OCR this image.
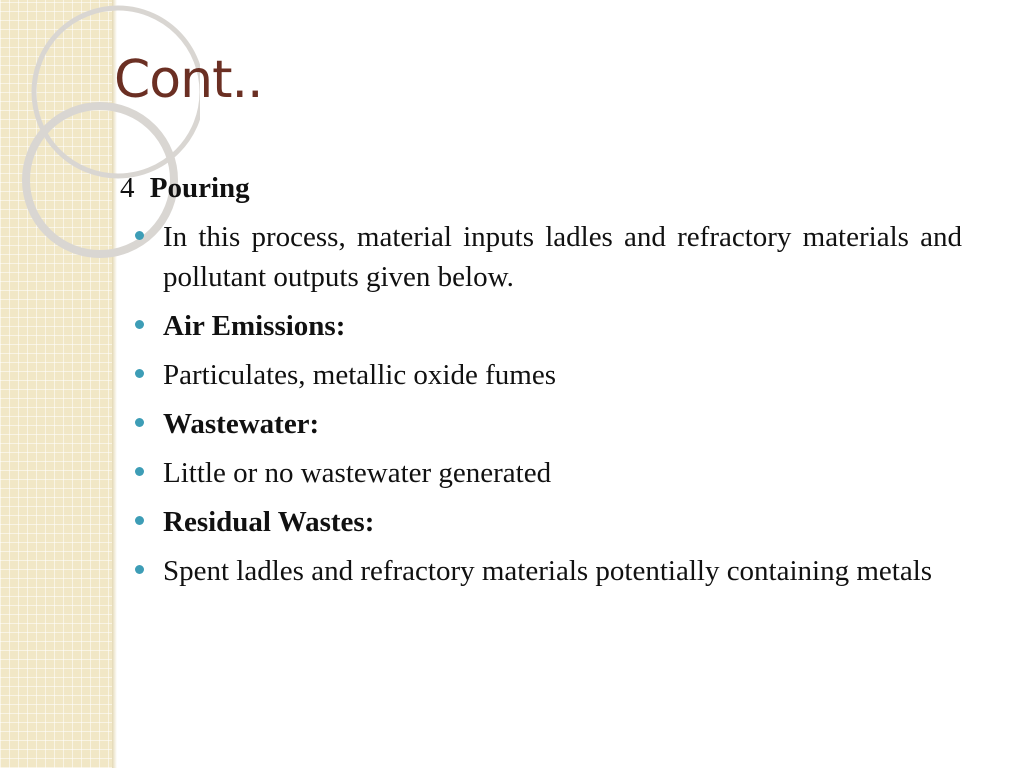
Cont..

4 Pouring

In this process, material inputs ladles and refractory materials and pollutant outputs given below.
Air Emissions:
Particulates, metallic oxide fumes
Wastewater:
Little or no wastewater generated
Residual Wastes:
Spent ladles and refractory materials potentially containing metals
